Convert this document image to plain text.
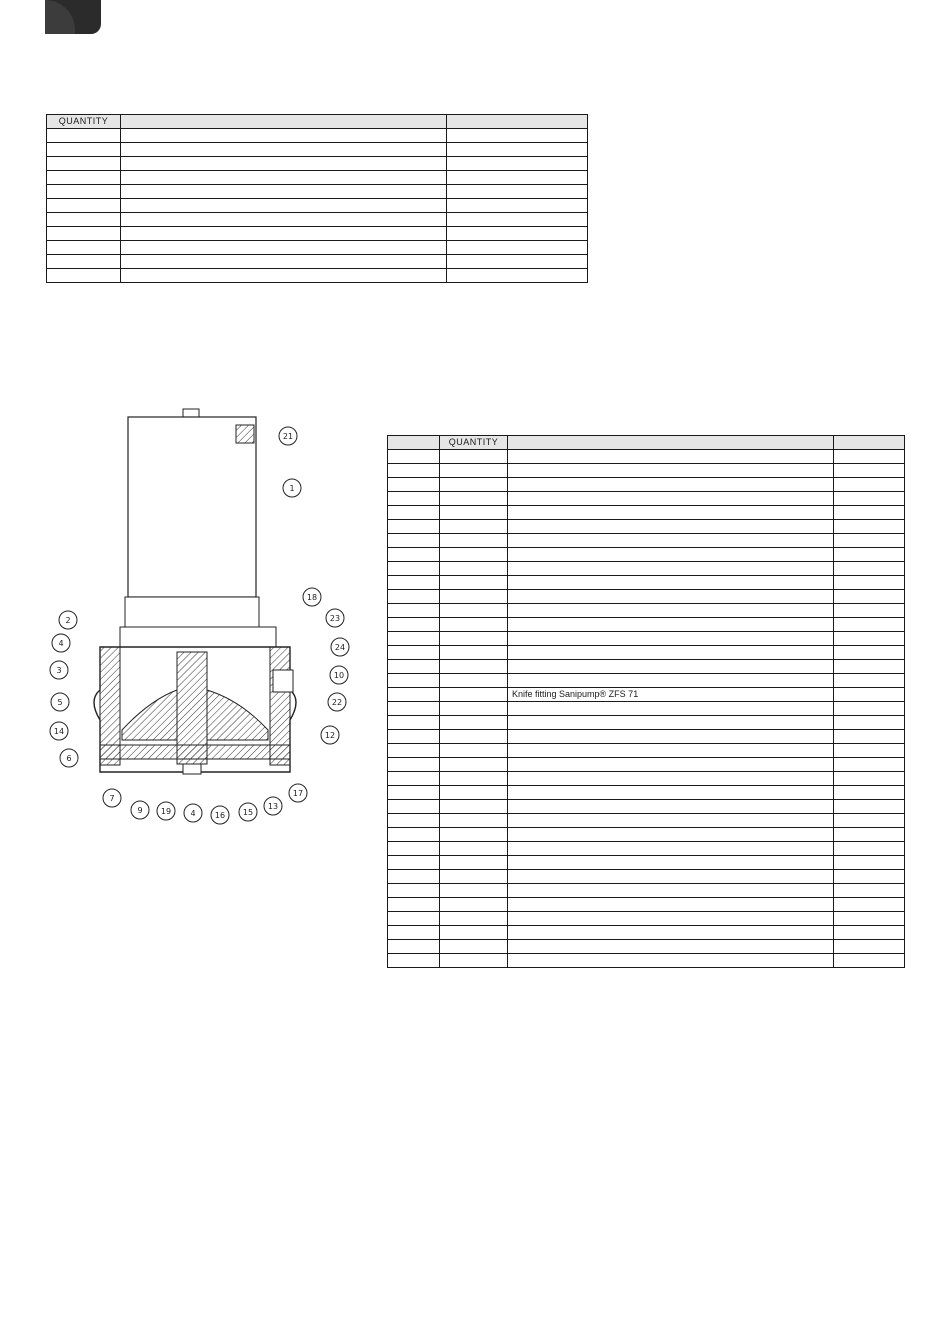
QUANTITY		

21
1
18
23
2
24
4
10
3
5	22
14	12
6
7
17
9 19 4 16 15
13
	QUANTITY		

		Knife fitting Sanipump® ZFS 71	
